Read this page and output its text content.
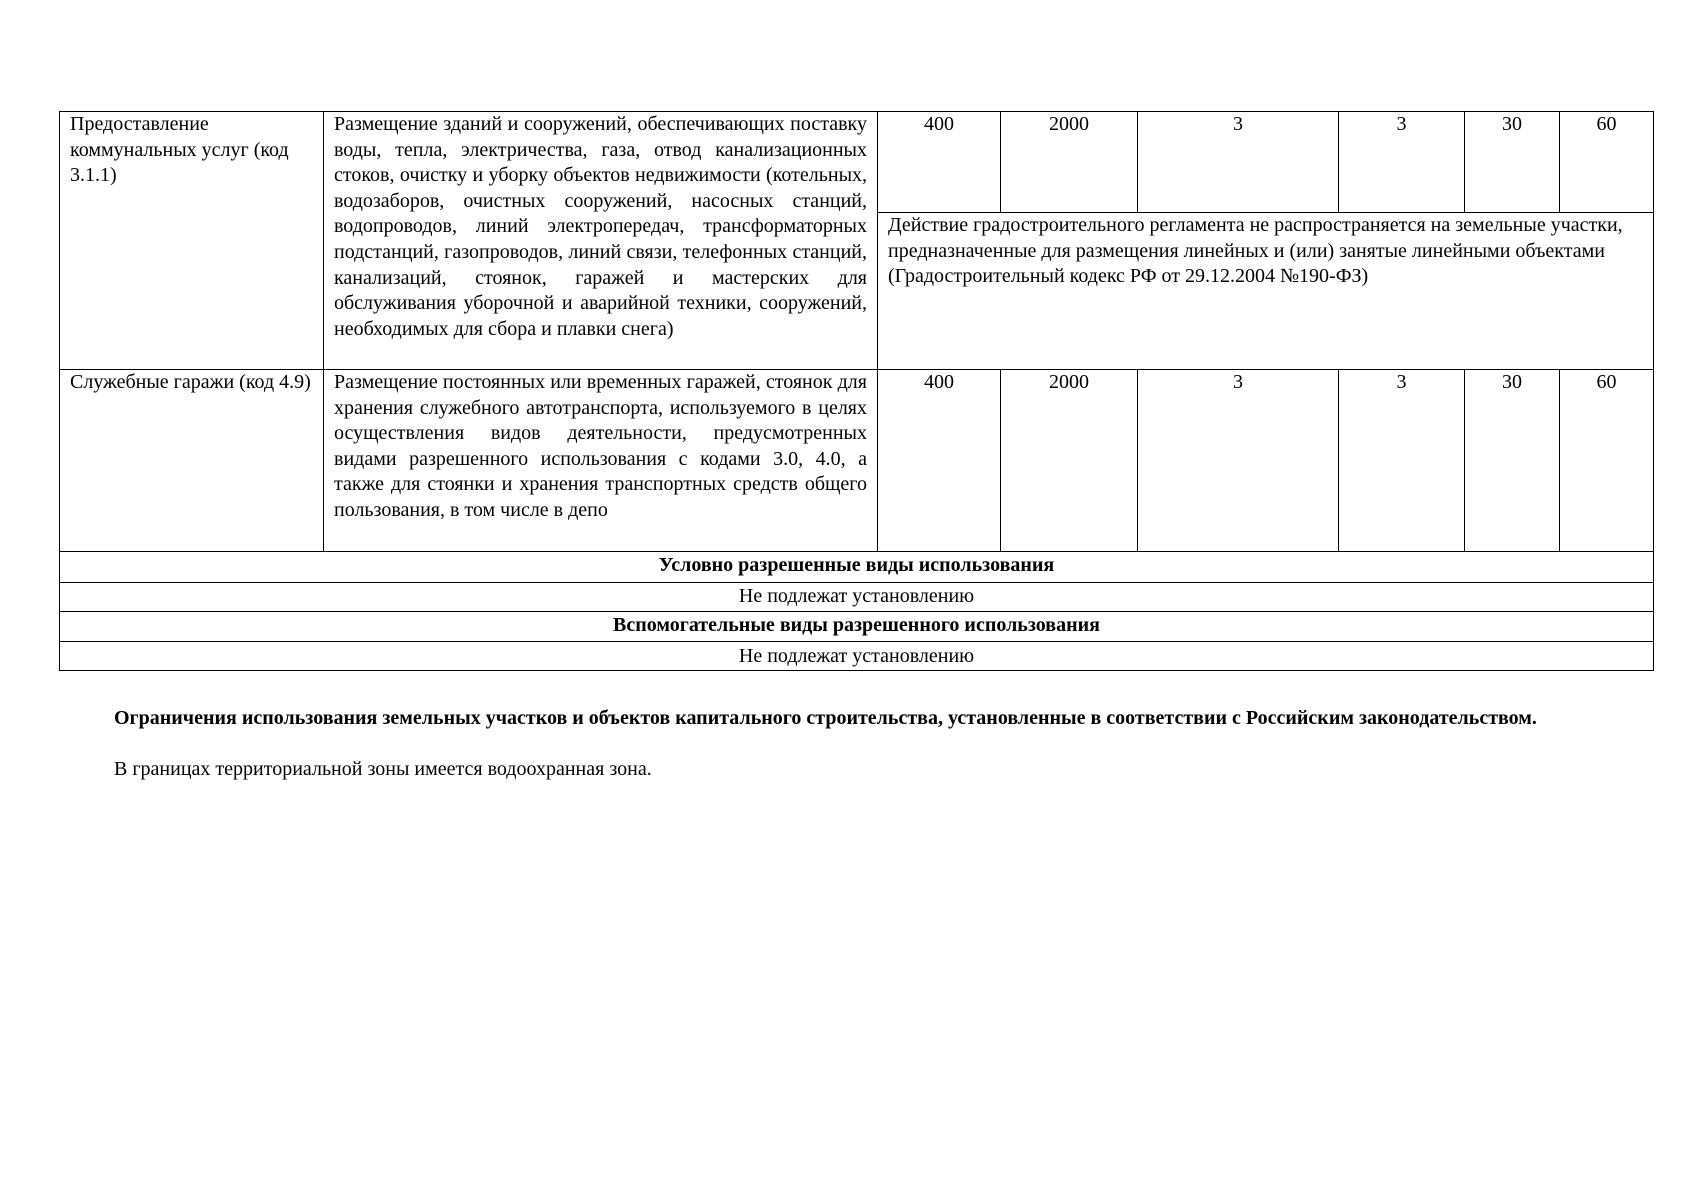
Предоставление коммунальных услуг (код 3.1.1)	Размещение зданий и сооружений, обеспечивающих поставку воды, тепла, электричества, газа, отвод канализационных стоков, очистку и уборку объектов недвижимости (котельных, водозаборов, очистных сооружений, насосных станций, водопроводов, линий электропередач, трансформаторных подстанций, газопроводов, линий связи, телефонных станций, канализаций, стоянок, гаражей и мастерских для обслуживания уборочной и аварийной техники, сооружений, необходимых для сбора и плавки снега)	400	2000	3	3	30	60
		Действие градостроительного регламента не распространяется на земельные участки, предназначенные для размещения линейных и (или) занятые линейными объектами (Градостроительный кодекс РФ от 29.12.2004 №190-ФЗ)					
Служебные гаражи (код 4.9)	Размещение постоянных или временных гаражей, стоянок для хранения служебного автотранспорта, используемого в целях осуществления видов деятельности, предусмотренных видами разрешенного использования с кодами 3.0, 4.0, а также для стоянки и хранения транспортных средств общего пользования, в том числе в депо	400	2000	3	3	30	60
Условно разрешенные виды использования							
Не подлежат установлению							
Вспомогательные виды разрешенного использования							
Не подлежат установлению							
Ограничения использования земельных участков и объектов капитального строительства, установленные в соответствии с Российским законодательством.
В границах территориальной зоны имеется водоохранная зона.
